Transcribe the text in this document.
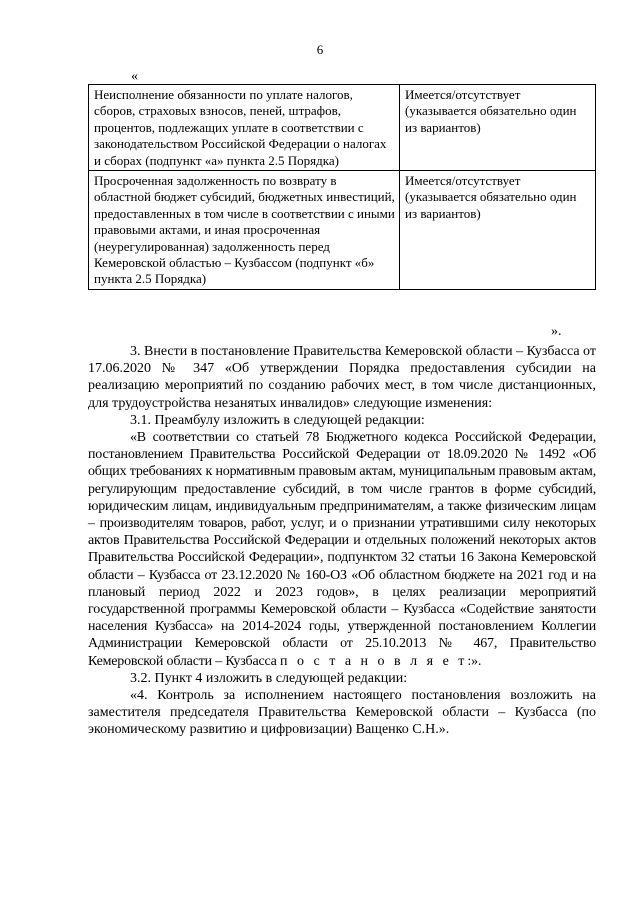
6
«
Неисполнение обязанности по уплате налогов, сборов, страховых взносов, пеней, штрафов, процентов, подлежащих уплате в соответствии с законодательством Российской Федерации о налогах и сборах (подпункт «а» пункта 2.5 Порядка)	Имеется/отсутствует (указывается обязательно один из вариантов)
Просроченная задолженность по возврату в областной бюджет субсидий, бюджетных инвестиций, предоставленных в том числе в соответствии с иными правовыми актами, и иная просроченная (неурегулированная) задолженность перед Кемеровской областью – Кузбассом (подпункт «б» пункта 2.5 Порядка)	Имеется/отсутствует (указывается обязательно один из вариантов)
».

3. Внести в постановление Правительства Кемеровской области – Кузбасса от 17.06.2020 № 347 «Об утверждении Порядка предоставления субсидии на реализацию мероприятий по созданию рабочих мест, в том числе дистанционных, для трудоустройства незанятых инвалидов» следующие изменения:

3.1. Преамбулу изложить в следующей редакции:

«В соответствии со статьей 78 Бюджетного кодекса Российской Федерации, постановлением Правительства Российской Федерации от 18.09.2020 № 1492 «Об общих требованиях к нормативным правовым актам, муниципальным правовым актам, регулирующим предоставление субсидий, в том числе грантов в форме субсидий, юридическим лицам, индивидуальным предпринимателям, а также физическим лицам – производителям товаров, работ, услуг, и о признании утратившими силу некоторых актов Правительства Российской Федерации и отдельных положений некоторых актов Правительства Российской Федерации», подпунктом 32 статьи 16 Закона Кемеровской области – Кузбасса от 23.12.2020 № 160-ОЗ «Об областном бюджете на 2021 год и на плановый период 2022 и 2023 годов», в целях реализации мероприятий государственной программы Кемеровской области – Кузбасса «Содействие занятости населения Кузбасса» на 2014-2024 годы, утвержденной постановлением Коллегии Администрации Кемеровской области от 25.10.2013 № 467, Правительство Кемеровской области – Кузбасса п о с т а н о в л я е т:».

3.2. Пункт 4 изложить в следующей редакции:

«4. Контроль за исполнением настоящего постановления возложить на заместителя председателя Правительства Кемеровской области – Кузбасса (по экономическому развитию и цифровизации) Ващенко С.Н.».
